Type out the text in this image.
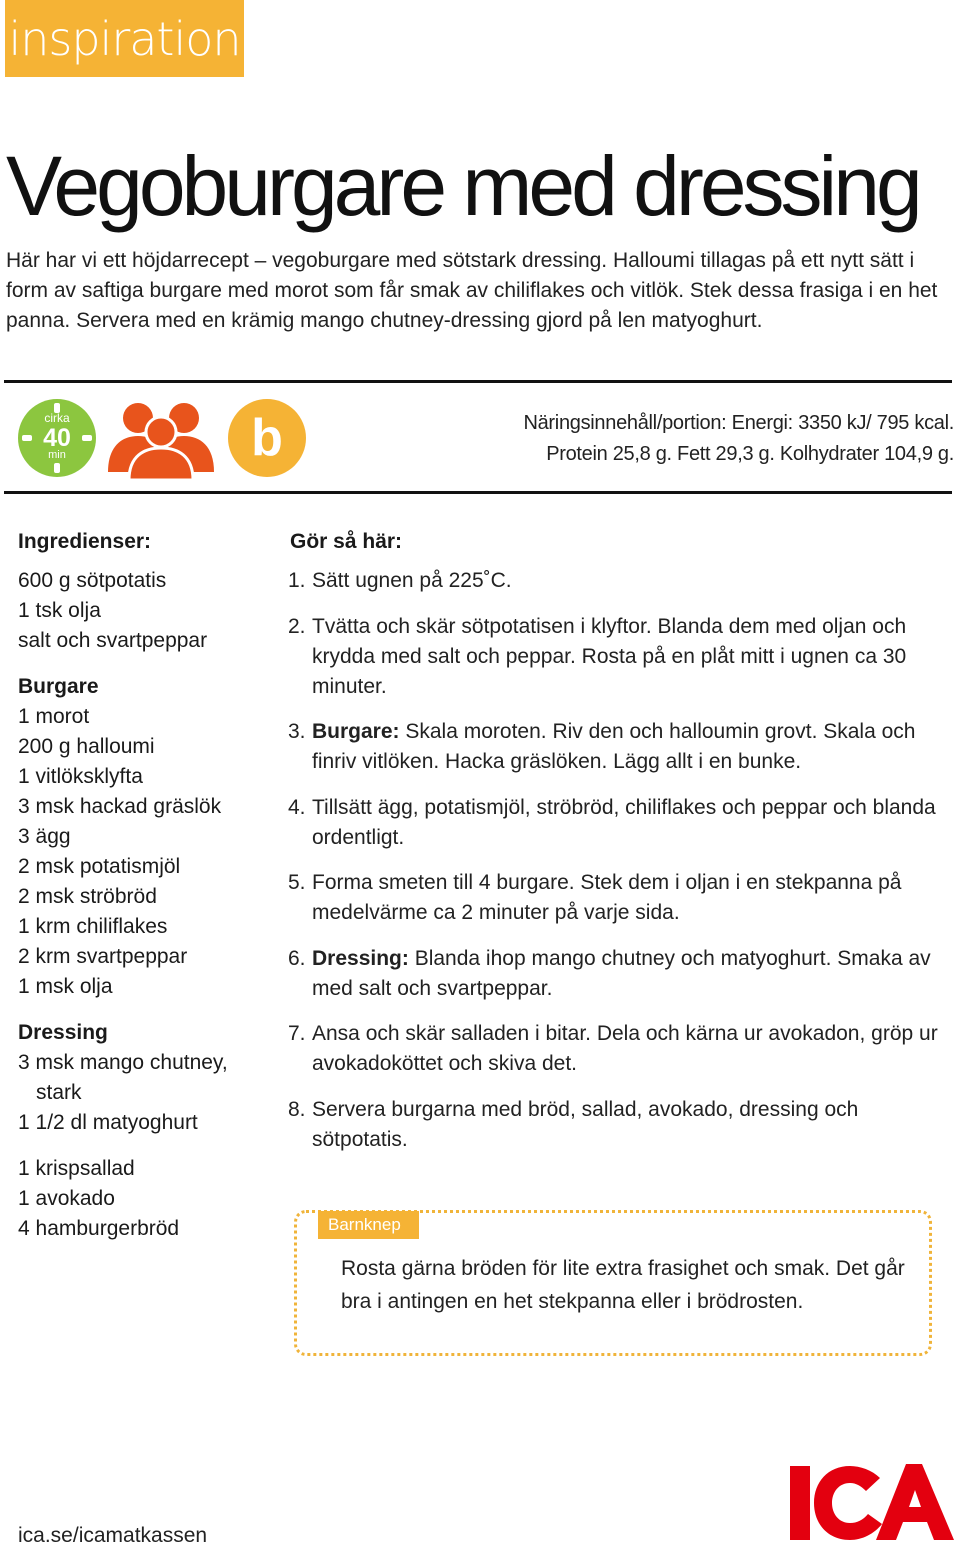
inspiration
Vegoburgare med dressing

Här har vi ett höjdarrecept – vegoburgare med sötstark dressing. Halloumi tillagas på ett nytt sätt i form av saftiga burgare med morot som får smak av chiliflakes och vitlök. Stek dessa frasiga i en het panna. Servera med en krämig mango chutney-dressing gjord på len matyoghurt.

cirka
40
min	b	Näringsinnehåll/portion: Energi: 3350 kJ/ 795 kcal.
Protein 25,8 g. Fett 29,3 g. Kolhydrater 104,9 g.
Ingredienser:	Gör så här:
600 g sötpotatis
1 tsk olja
salt och svartpeppar
Burgare
1 morot
200 g halloumi
1 vitlöksklyfta
3 msk hackad gräslök
3 ägg
2 msk potatismjöl
2 msk ströbröd
1 krm chiliflakes
2 krm svartpeppar
1 msk olja
Dressing
3 msk mango chutney, stark
1 1/2 dl matyoghurt
1 krispsallad
1 avokado
4 hamburgerbröd
1. Sätt ugnen på 225˚C.
2. Tvätta och skär sötpotatisen i klyftor. Blanda dem med oljan och krydda med salt och peppar. Rosta på en plåt mitt i ugnen ca 30 minuter.
3. Burgare: Skala moroten. Riv den och halloumin grovt. Skala och finriv vitlöken. Hacka gräslöken. Lägg allt i en bunke.
4. Tillsätt ägg, potatismjöl, ströbröd, chiliflakes och peppar och blanda ordentligt.
5. Forma smeten till 4 burgare. Stek dem i oljan i en stekpanna på medelvärme ca 2 minuter på varje sida.
6. Dressing: Blanda ihop mango chutney och matyoghurt. Smaka av med salt och svartpeppar.
7. Ansa och skär salladen i bitar. Dela och kärna ur avokadon, gröp ur avokadoköttet och skiva det.
8. Servera burgarna med bröd, sallad, avokado, dressing och sötpotatis.
Barnknep

Rosta gärna bröden för lite extra frasighet och smak. Det går bra i antingen en het stekpanna eller i brödrosten.

ica.se/icamatkassen
